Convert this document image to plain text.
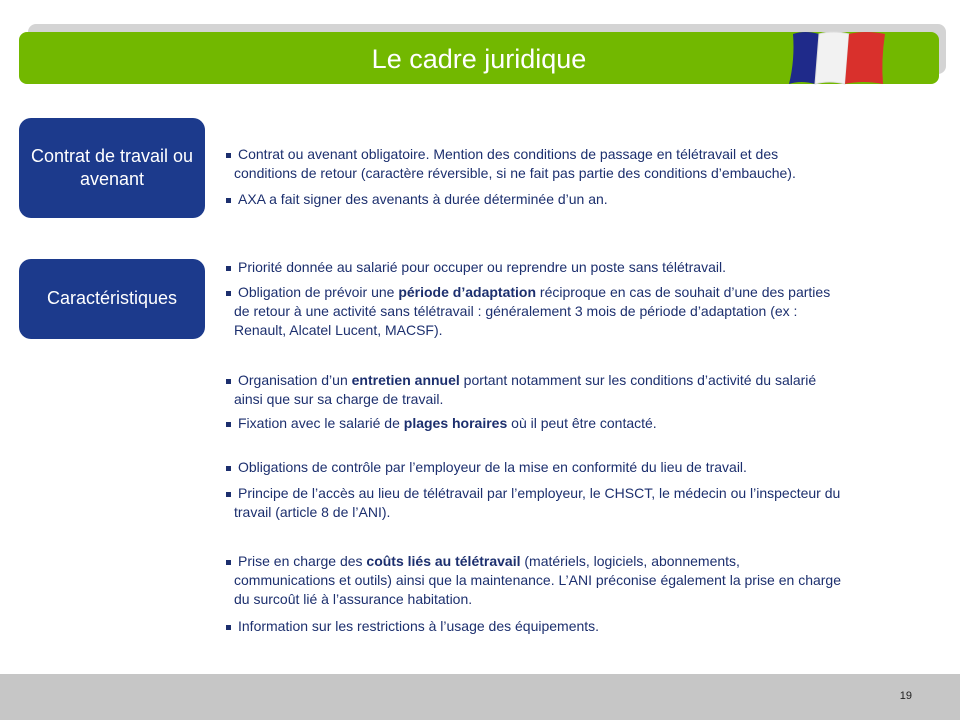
Le cadre juridique
Contrat de travail ou avenant
Caractéristiques
Contrat ou avenant obligatoire. Mention des conditions de passage en télétravail et des
conditions de retour (caractère réversible, si ne fait pas partie des conditions d’embauche).
AXA a fait signer des avenants à durée déterminée d’un an.
Priorité donnée au salarié pour occuper ou reprendre un poste sans télétravail.
Obligation de prévoir une période d’adaptation réciproque en cas de souhait d’une des parties
de retour à une activité sans télétravail : généralement 3 mois de période d’adaptation (ex :
Renault, Alcatel Lucent, MACSF).
Organisation d’un entretien annuel portant notamment sur les conditions d’activité du salarié
ainsi que sur sa charge de travail.
Fixation avec le salarié de plages horaires où il peut être contacté.
Obligations de contrôle par l’employeur de la mise en conformité du lieu de travail.
Principe de l’accès au lieu de télétravail par l’employeur, le CHSCT, le médecin ou l’inspecteur du
travail (article 8 de l’ANI).
Prise en charge des coûts liés au télétravail (matériels, logiciels, abonnements,
communications et outils) ainsi que la maintenance. L’ANI préconise également la prise en charge
du surcoût lié à l’assurance habitation.
Information sur les restrictions à l’usage des équipements.
19
